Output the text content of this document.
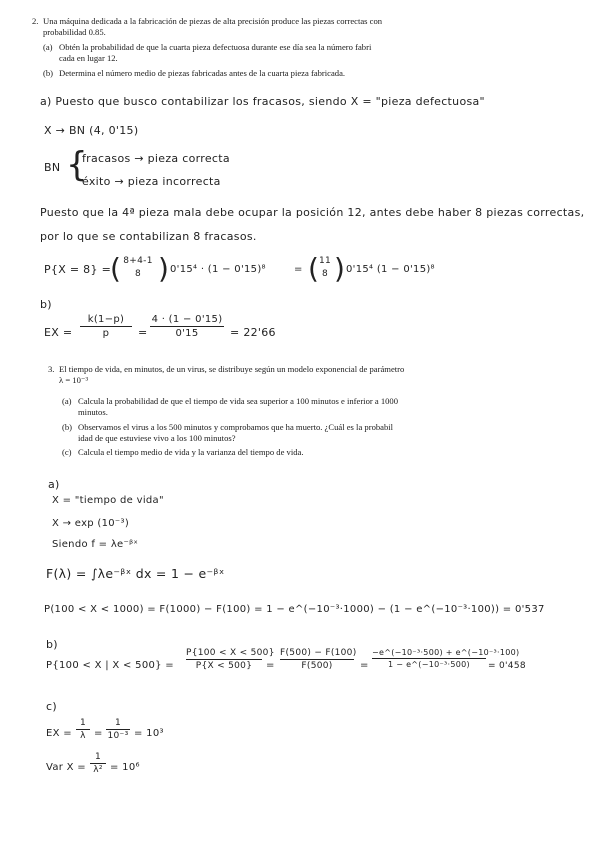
2. Una máquina dedicada a la fabricación de piezas de alta precisión produce las piezas correctas con
probabilidad 0.85.
(a) Obtén la probabilidad de que la cuarta pieza defectuosa durante ese día sea la número fabri
cada en lugar 12.
(b) Determina el número medio de piezas fabricadas antes de la cuarta pieza fabricada.
a) Puesto que busco contabilizar los fracasos, siendo X = "pieza defectuosa"
X → BN (4, 0'15)
BN {
fracasos → pieza correcta
éxito → pieza incorrecta
Puesto que la 4ª pieza mala debe ocupar la posición 12, antes debe haber 8 piezas correctas,
por lo que se contabilizan 8 fracasos.
P{X = 8} =
( 8+4-1
8 ) 0'15⁴ · (1 − 0'15)⁸	= ( 11
8 ) 0'15⁴ (1 − 0'15)⁸
b)
EX =
k(1−p)
p	=
4 · (1 − 0'15)
0'15	= 22'66
3. El tiempo de vida, en minutos, de un virus, se distribuye según un modelo exponencial de parámetro
λ = 10⁻³
(a) Calcula la probabilidad de que el tiempo de vida sea superior a 100 minutos e inferior a 1000
minutos.
(b) Observamos el virus a los 500 minutos y comprobamos que ha muerto. ¿Cuál es la probabil
idad de que estuviese vivo a los 100 minutos?
(c) Calcula el tiempo medio de vida y la varianza del tiempo de vida.
a)
X = "tiempo de vida"
X → exp (10⁻³)
Siendo f = λe⁻ᵝˣ
F(λ) = ∫λe⁻ᵝˣ dx = 1 − e⁻ᵝˣ
P(100 < X < 1000) = F(1000) − F(100) = 1 − e^(−10⁻³·1000) − (1 − e^(−10⁻³·100)) = 0'537
b)
P{100 < X | X < 500} =
P{100 < X < 500}
P{X < 500}	=
F(500) − F(100)
F(500)	=
−e^(−10⁻³·500) + e^(−10⁻³·100)
1 − e^(−10⁻³·500)	= 0'458
c)
EX =
1
λ =
1
10⁻³ = 10³
Var X =
1
λ² = 10⁶
